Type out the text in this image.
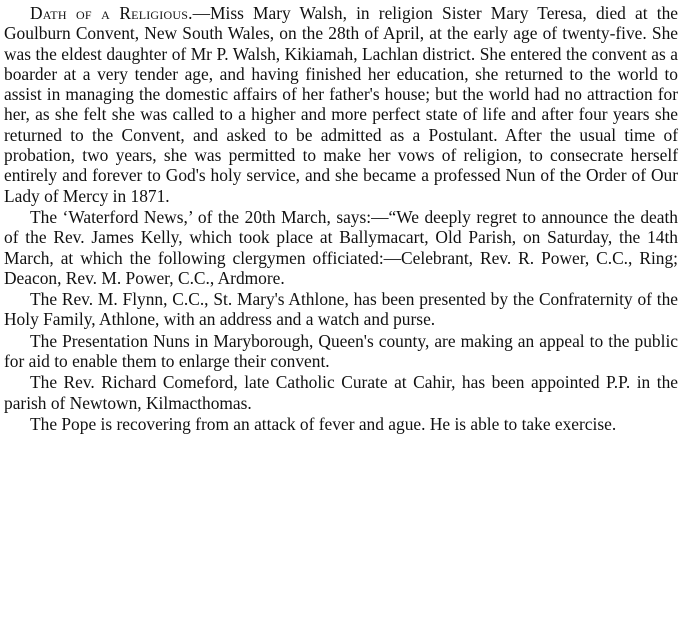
Dath of a Religious.—Miss Mary Walsh, in religion Sister Mary Teresa, died at the Goulburn Convent, New South Wales, on the 28th of April, at the early age of twenty-five. She was the eldest daughter of Mr P. Walsh, Kikiamah, Lachlan district. She entered the convent as a boarder at a very tender age, and having finished her education, she returned to the world to assist in managing the domestic affairs of her father's house; but the world had no attraction for her, as she felt she was called to a higher and more perfect state of life and after four years she returned to the Convent, and asked to be admitted as a Postulant. After the usual time of probation, two years, she was permitted to make her vows of religion, to consecrate herself entirely and forever to God's holy service, and she became a professed Nun of the Order of Our Lady of Mercy in 1871.

The ‘Waterford News,’ of the 20th March, says:—“We deeply regret to announce the death of the Rev. James Kelly, which took place at Ballymacart, Old Parish, on Saturday, the 14th March, at which the following clergymen officiated:—Celebrant, Rev. R. Power, C.C., Ring; Deacon, Rev. M. Power, C.C., Ardmore.

The Rev. M. Flynn, C.C., St. Mary's Athlone, has been presented by the Confraternity of the Holy Family, Athlone, with an address and a watch and purse.

The Presentation Nuns in Maryborough, Queen's county, are making an appeal to the public for aid to enable them to enlarge their convent.

The Rev. Richard Comeford, late Catholic Curate at Cahir, has been appointed P.P. in the parish of Newtown, Kilmacthomas.

The Pope is recovering from an attack of fever and ague. He is able to take exercise.
